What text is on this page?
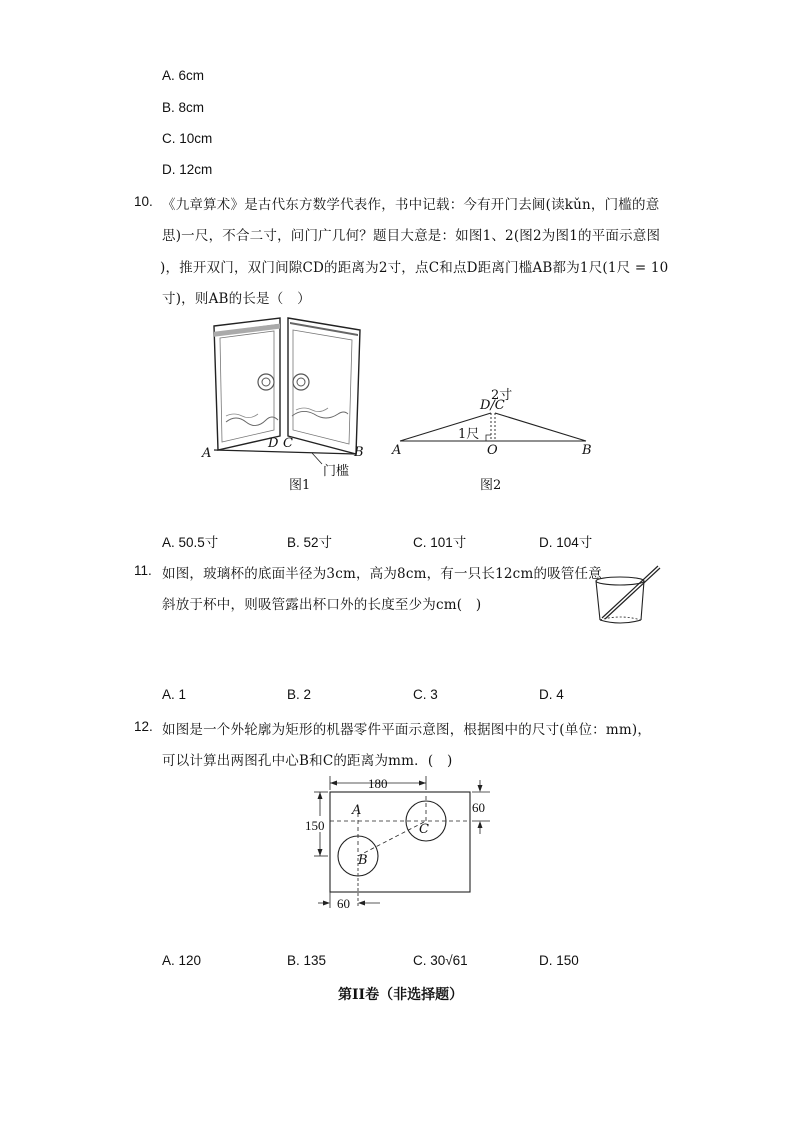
A. 6cm
B. 8cm
C. 10cm
D. 12cm
10. 《九章算术》是古代东方数学代表作，书中记载：今有开门去阃(读kǔn，门槛的意
思)一尺，不合二寸，问门广几何？题目大意是：如图1、2(图2为图1的平面示意图
)，推开双门，双门间隙CD的距离为2寸，点C和点D距离门槛AB都为1尺(1尺 = 10
寸)，则AB的长是（　）
A
D C
B
门槛
图1
2寸
D/C
1尺
A	O	B
图2
A. 50.5寸	B. 52寸	C. 101寸	D. 104寸
11. 如图，玻璃杯的底面半径为3cm，高为8cm，有一只长12cm的吸管任意
斜放于杯中，则吸管露出杯口外的长度至少为cm(　)
A. 1	B. 2	C. 3	D. 4
12. 如图是一个外轮廓为矩形的机器零件平面示意图，根据图中的尺寸(单位：mm)，
可以计算出两图孔中心B和C的距离为mm．(　)
180
60
150
60
A
C
B
A. 120	B. 135	C. 30√61	D. 150
第II卷（非选择题）
